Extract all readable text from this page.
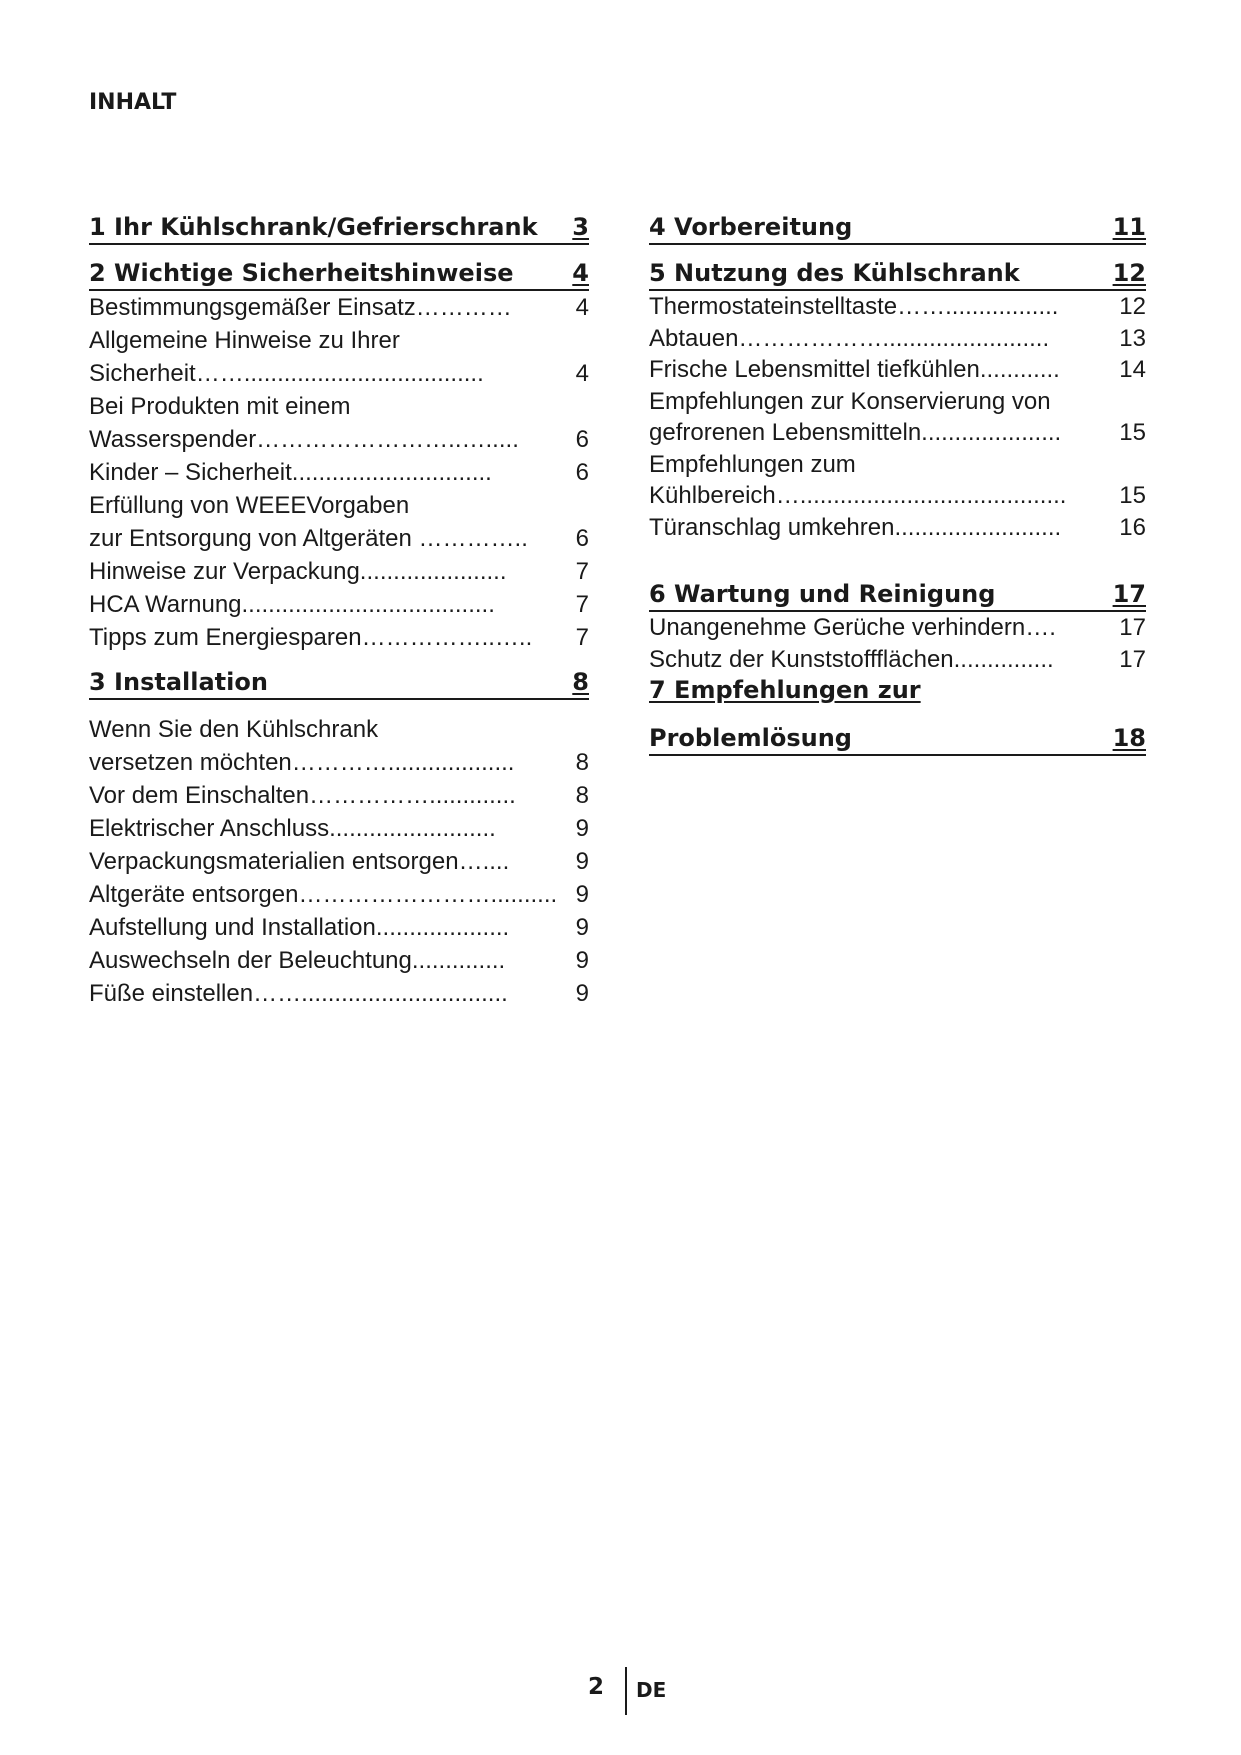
INHALT
1 Ihr Kühlschrank/Gefrierschrank 3
2 Wichtige Sicherheitshinweise 4
Bestimmungsgemäßer Einsatz…………	4
Allgemeine Hinweise zu Ihrer
Sicherheit……....................................	4
Bei Produkten mit einem
Wasserspender……………………..…..... 6
Kinder – Sicherheit..............................	6
Erfüllung von WEEEVorgaben
zur Entsorgung von Altgeräten ………….. 6
Hinweise zur Verpackung......................	7
HCA Warnung......................................	7
Tipps zum Energiesparen……………..….. 7
3 Installation	8
Wenn Sie den Kühlschrank
versetzen möchten…………...................	8
Vor dem Einschalten……………............. 8
Elektrischer Anschluss.........................	9
Verpackungsmaterialien entsorgen…....	9
Altgeräte entsorgen…………………….......... 9
Aufstellung und Installation....................	9
Auswechseln der Beleuchtung..............	9
Füße einstellen……...............................	9
4 Vorbereitung	11
5 Nutzung des Kühlschrank	12
Thermostateinstelltaste…….................	12
Abtauen……………….........................	13
Frische Lebensmittel tiefkühlen............ 14
Empfehlungen zur Konservierung von
gefrorenen Lebensmitteln..................... 15
Empfehlungen zum
Kühlbereich…........................................ 15
Türanschlag umkehren......................... 16
6 Wartung und Reinigung	17
Unangenehme Gerüche verhindern….	17
Schutz der Kunststoffflächen...............	17
7 Empfehlungen zur
Problemlösung	18
2 DE
